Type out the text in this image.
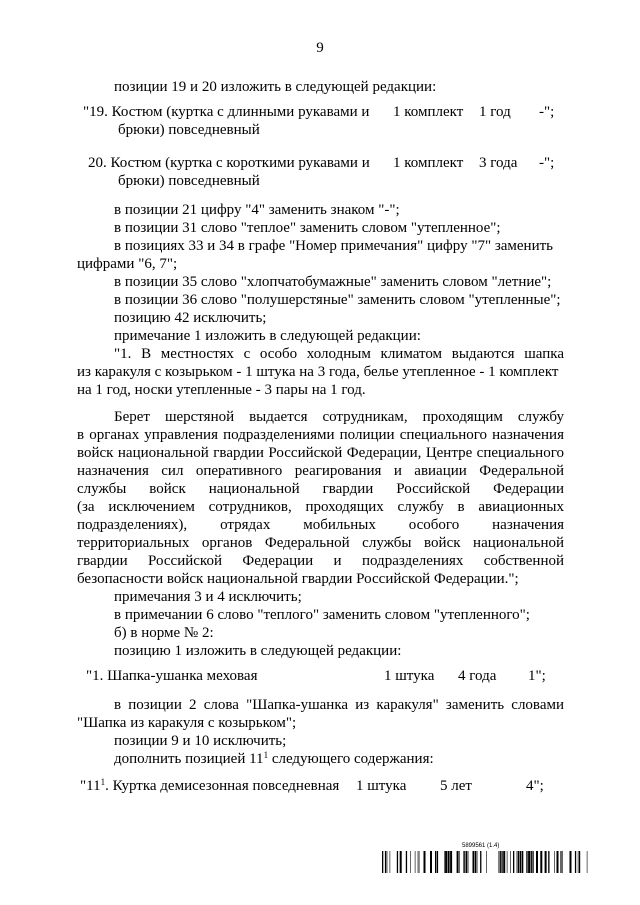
9
позиции 19 и 20 изложить в следующей редакции:
"19. Костюм (куртка с длинными рукавами и 1 комплект 1 год -";
брюки) повседневный
20. Костюм (куртка с короткими рукавами и 1 комплект 3 года -";
брюки) повседневный
в позиции 21 цифру "4" заменить знаком "-";
в позиции 31 слово "теплое" заменить словом "утепленное";
в позициях 33 и 34 в графе "Номер примечания" цифру "7" заменить
цифрами "6, 7";
в позиции 35 слово "хлопчатобумажные" заменить словом "летние";
в позиции 36 слово "полушерстяные" заменить словом "утепленные";
позицию 42 исключить;
примечание 1 изложить в следующей редакции:
"1. В местностях с особо холодным климатом выдаются шапка
из каракуля с козырьком - 1 штука на 3 года, белье утепленное - 1 комплект
на 1 год, носки утепленные - 3 пары на 1 год.
Берет шерстяной выдается сотрудникам, проходящим службу
в органах управления подразделениями полиции специального назначения
войск национальной гвардии Российской Федерации, Центре специального
назначения сил оперативного реагирования и авиации Федеральной
службы войск национальной гвардии Российской Федерации
(за исключением сотрудников, проходящих службу в авиационных
подразделениях), отрядах мобильных особого назначения
территориальных органов Федеральной службы войск национальной
гвардии Российской Федерации и подразделениях собственной
безопасности войск национальной гвардии Российской Федерации.";
примечания 3 и 4 исключить;
в примечании 6 слово "теплого" заменить словом "утепленного";
б) в норме № 2:
позицию 1 изложить в следующей редакции:
"1. Шапка-ушанка меховая	1 штука 4 года 1";
в позиции 2 слова "Шапка-ушанка из каракуля" заменить словами
"Шапка из каракуля с козырьком";
позиции 9 и 10 исключить;
дополнить позицией $11^1$ следующего содержания:
"$11^1$. Куртка демисезонная повседневная 1 штука 5 лет	4";
5899561 (1.4)
